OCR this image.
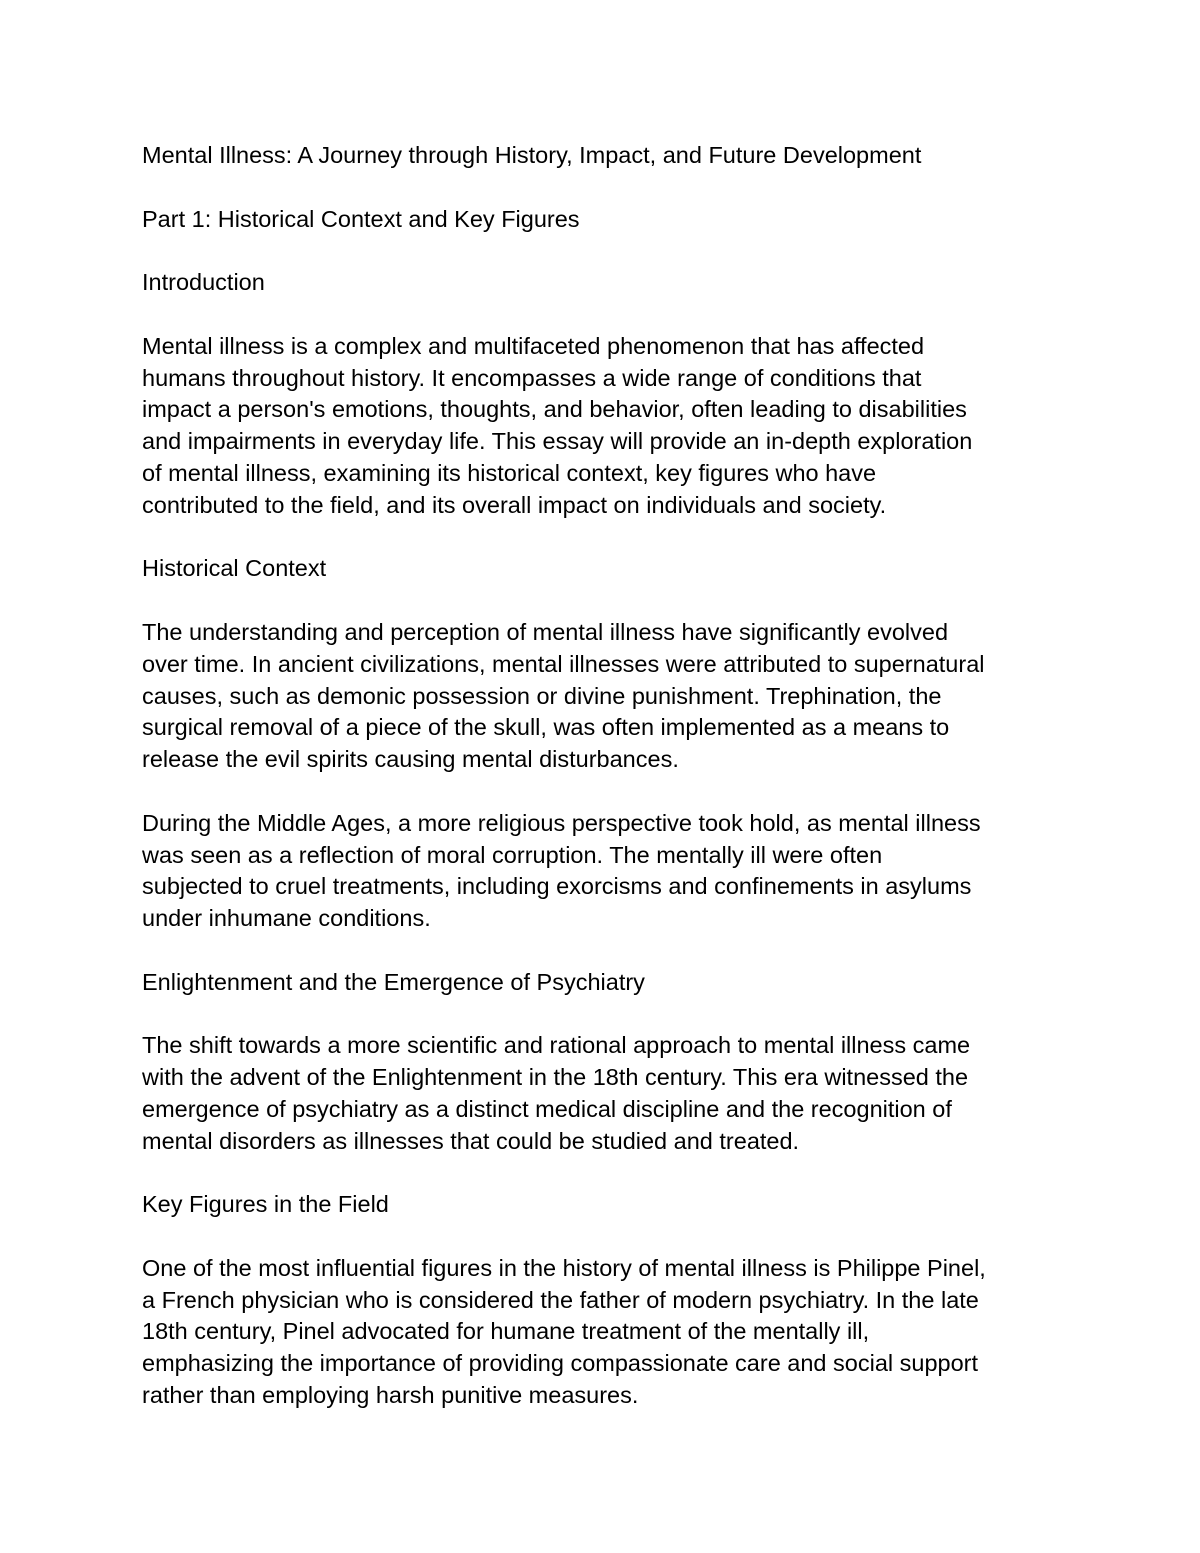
Mental Illness: A Journey through History, Impact, and Future Development
Part 1: Historical Context and Key Figures
Introduction
Mental illness is a complex and multifaceted phenomenon that has affected
humans throughout history. It encompasses a wide range of conditions that
impact a person's emotions, thoughts, and behavior, often leading to disabilities
and impairments in everyday life. This essay will provide an in-depth exploration
of mental illness, examining its historical context, key figures who have
contributed to the field, and its overall impact on individuals and society.
Historical Context
The understanding and perception of mental illness have significantly evolved
over time. In ancient civilizations, mental illnesses were attributed to supernatural
causes, such as demonic possession or divine punishment. Trephination, the
surgical removal of a piece of the skull, was often implemented as a means to
release the evil spirits causing mental disturbances.
During the Middle Ages, a more religious perspective took hold, as mental illness
was seen as a reflection of moral corruption. The mentally ill were often
subjected to cruel treatments, including exorcisms and confinements in asylums
under inhumane conditions.
Enlightenment and the Emergence of Psychiatry
The shift towards a more scientific and rational approach to mental illness came
with the advent of the Enlightenment in the 18th century. This era witnessed the
emergence of psychiatry as a distinct medical discipline and the recognition of
mental disorders as illnesses that could be studied and treated.
Key Figures in the Field
One of the most influential figures in the history of mental illness is Philippe Pinel,
a French physician who is considered the father of modern psychiatry. In the late
18th century, Pinel advocated for humane treatment of the mentally ill,
emphasizing the importance of providing compassionate care and social support
rather than employing harsh punitive measures.
